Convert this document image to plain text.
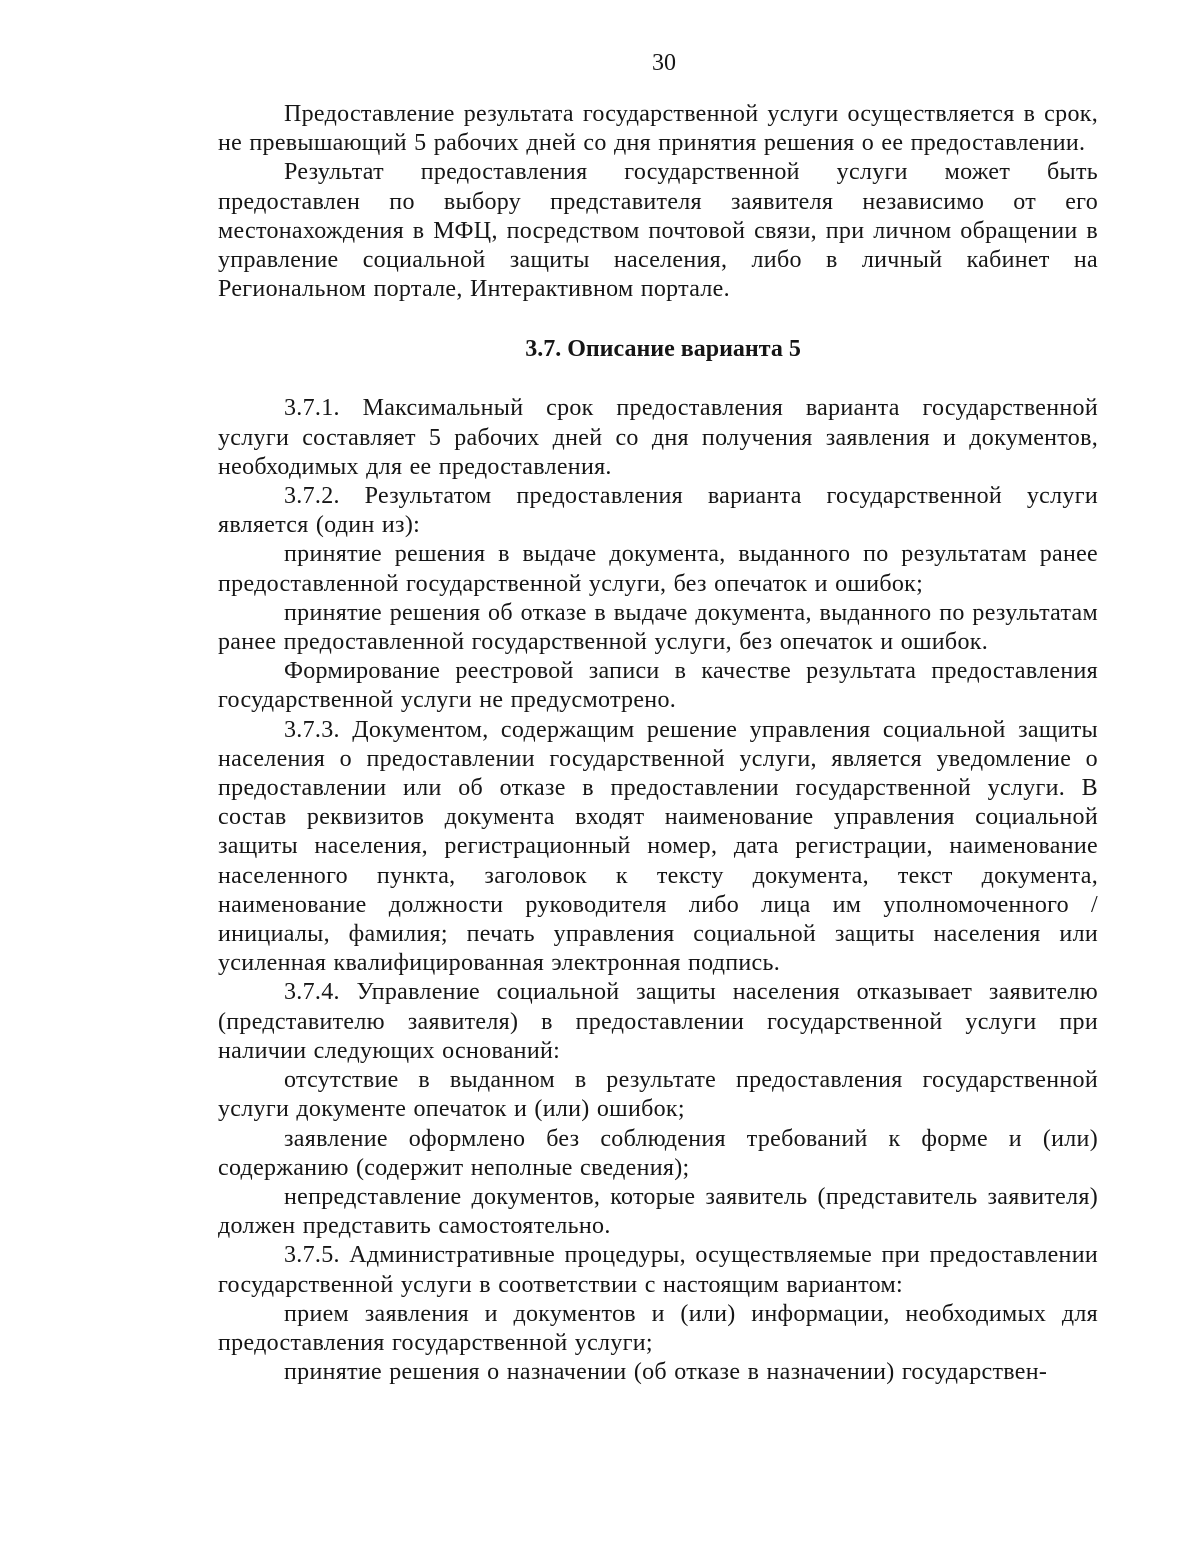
30

Предоставление результата государственной услуги осуществляется в срок, не превышающий 5 рабочих дней со дня принятия решения о ее предоставлении.

Результат предоставления государственной услуги может быть предоставлен по выбору представителя заявителя независимо от его местонахождения в МФЦ, посредством почтовой связи, при личном обращении в управление социальной защиты населения, либо в личный кабинет на Региональном портале, Интерактивном портале.

3.7. Описание варианта 5

3.7.1. Максимальный срок предоставления варианта государственной услуги составляет 5 рабочих дней со дня получения заявления и документов, необходимых для ее предоставления.

3.7.2. Результатом предоставления варианта государственной услуги является (один из):

принятие решения в выдаче документа, выданного по результатам ранее предоставленной государственной услуги, без опечаток и ошибок;

принятие решения об отказе в выдаче документа, выданного по результатам ранее предоставленной государственной услуги, без опечаток и ошибок.

Формирование реестровой записи в качестве результата предоставления государственной услуги не предусмотрено.

3.7.3. Документом, содержащим решение управления социальной защиты населения о предоставлении государственной услуги, является уведомление о предоставлении или об отказе в предоставлении государственной услуги. В состав реквизитов документа входят наименование управления социальной защиты населения, регистрационный номер, дата регистрации, наименование населенного пункта, заголовок к тексту документа, текст документа, наименование должности руководителя либо лица им уполномоченного / инициалы, фамилия; печать управления социальной защиты населения или усиленная квалифицированная электронная подпись.

3.7.4. Управление социальной защиты населения отказывает заявителю (представителю заявителя) в предоставлении государственной услуги при наличии следующих оснований:

отсутствие в выданном в результате предоставления государственной услуги документе опечаток и (или) ошибок;

заявление оформлено без соблюдения требований к форме и (или) содержанию (содержит неполные сведения);

непредставление документов, которые заявитель (представитель заявителя) должен представить самостоятельно.

3.7.5. Административные процедуры, осуществляемые при предоставлении государственной услуги в соответствии с настоящим вариантом:

прием заявления и документов и (или) информации, необходимых для предоставления государственной услуги;

принятие решения о назначении (об отказе в назначении) государствен-
